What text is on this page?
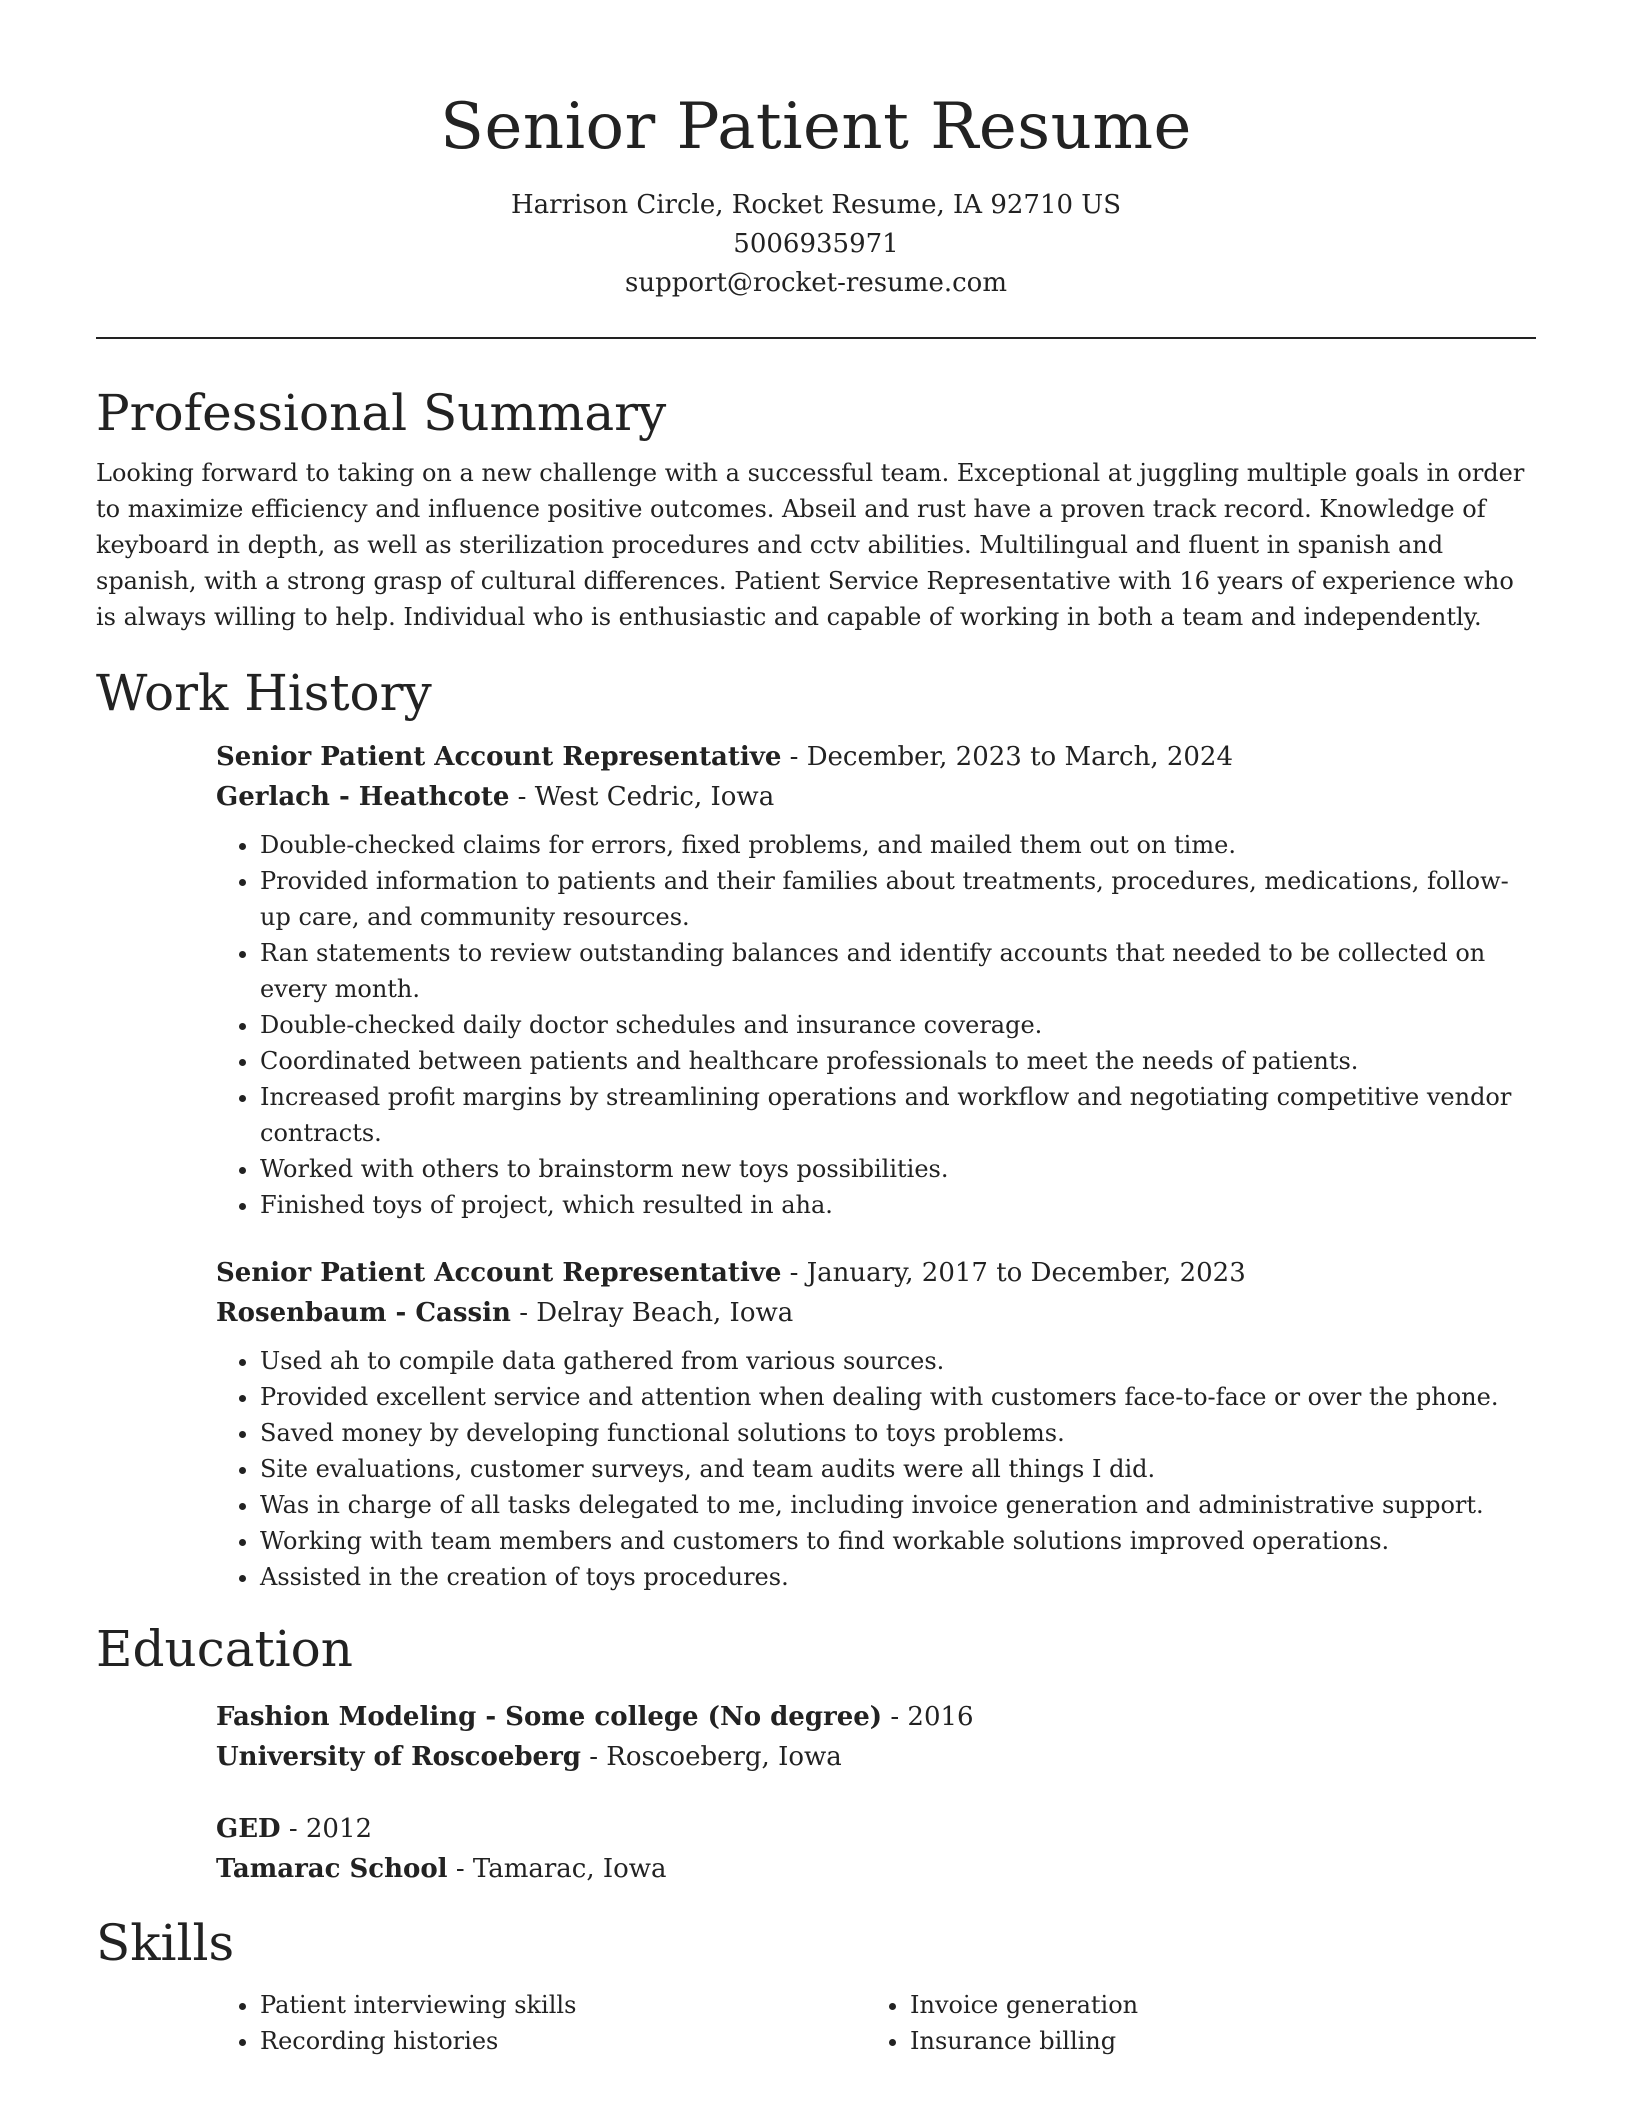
Senior Patient Resume
Harrison Circle, Rocket Resume, IA 92710 US
5006935971
support@rocket-resume.com
Professional Summary

Looking forward to taking on a new challenge with a successful team. Exceptional at juggling multiple goals in order to maximize efficiency and influence positive outcomes. Abseil and rust have a proven track record. Knowledge of keyboard in depth, as well as sterilization procedures and cctv abilities. Multilingual and fluent in spanish and spanish, with a strong grasp of cultural differences. Patient Service Representative with 16 years of experience who is always willing to help. Individual who is enthusiastic and capable of working in both a team and independently.

Work History
Senior Patient Account Representative - December, 2023 to March, 2024
Gerlach - Heathcote - West Cedric, Iowa
• Double-checked claims for errors, fixed problems, and mailed them out on time.
• Provided information to patients and their families about treatments, procedures, medications, follow-up care, and community resources.
• Ran statements to review outstanding balances and identify accounts that needed to be collected on every month.
• Double-checked daily doctor schedules and insurance coverage.
• Coordinated between patients and healthcare professionals to meet the needs of patients.
• Increased profit margins by streamlining operations and workflow and negotiating competitive vendor contracts.
• Worked with others to brainstorm new toys possibilities.
• Finished toys of project, which resulted in aha.
Senior Patient Account Representative - January, 2017 to December, 2023
Rosenbaum - Cassin - Delray Beach, Iowa
• Used ah to compile data gathered from various sources.
• Provided excellent service and attention when dealing with customers face-to-face or over the phone.
• Saved money by developing functional solutions to toys problems.
• Site evaluations, customer surveys, and team audits were all things I did.
• Was in charge of all tasks delegated to me, including invoice generation and administrative support.
• Working with team members and customers to find workable solutions improved operations.
• Assisted in the creation of toys procedures.
Education
Fashion Modeling - Some college (No degree) - 2016
University of Roscoeberg - Roscoeberg, Iowa
GED - 2012
Tamarac School - Tamarac, Iowa
Skills
• Patient interviewing skills
• Recording histories
• Invoice generation
• Insurance billing
